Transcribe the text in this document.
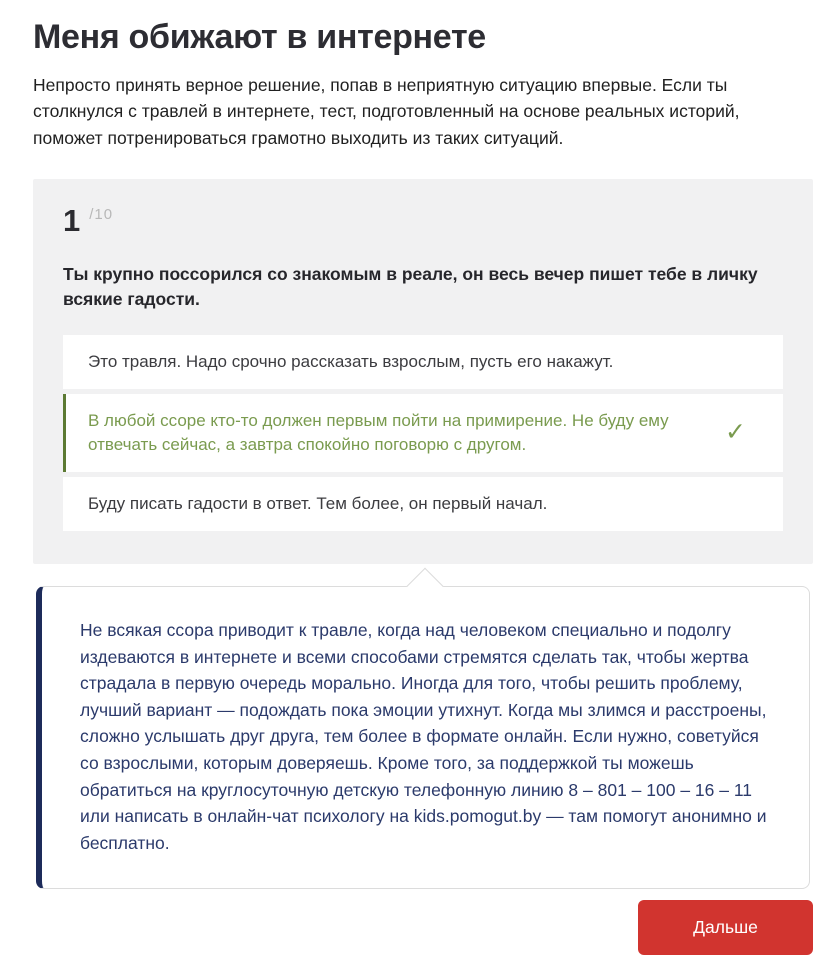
Меня обижают в интернете

Непросто принять верное решение, попав в неприятную ситуацию впервые. Если ты столкнулся с травлей в интернете, тест, подготовленный на основе реальных историй, поможет потренироваться грамотно выходить из таких ситуаций.

1 /10

Ты крупно поссорился со знакомым в реале, он весь вечер пишет тебе в личку всякие гадости.

Это травля. Надо срочно рассказать взрослым, пусть его накажут.
В любой ссоре кто-то должен первым пойти на примирение. Не буду ему отвечать сейчас, а завтра спокойно поговорю с другом.	✓
Буду писать гадости в ответ. Тем более, он первый начал.

Не всякая ссора приводит к травле, когда над человеком специально и подолгу издеваются в интернете и всеми способами стремятся сделать так, чтобы жертва страдала в первую очередь морально. Иногда для того, чтобы решить проблему, лучший вариант — подождать пока эмоции утихнут. Когда мы злимся и расстроены, сложно услышать друг друга, тем более в формате онлайн. Если нужно, советуйся со взрослыми, которым доверяешь. Кроме того, за поддержкой ты можешь обратиться на круглосуточную детскую телефонную линию 8 – 801 – 100 – 16 – 11 или написать в онлайн-чат психологу на kids.pomogut.by — там помогут анонимно и бесплатно.

Дальше
